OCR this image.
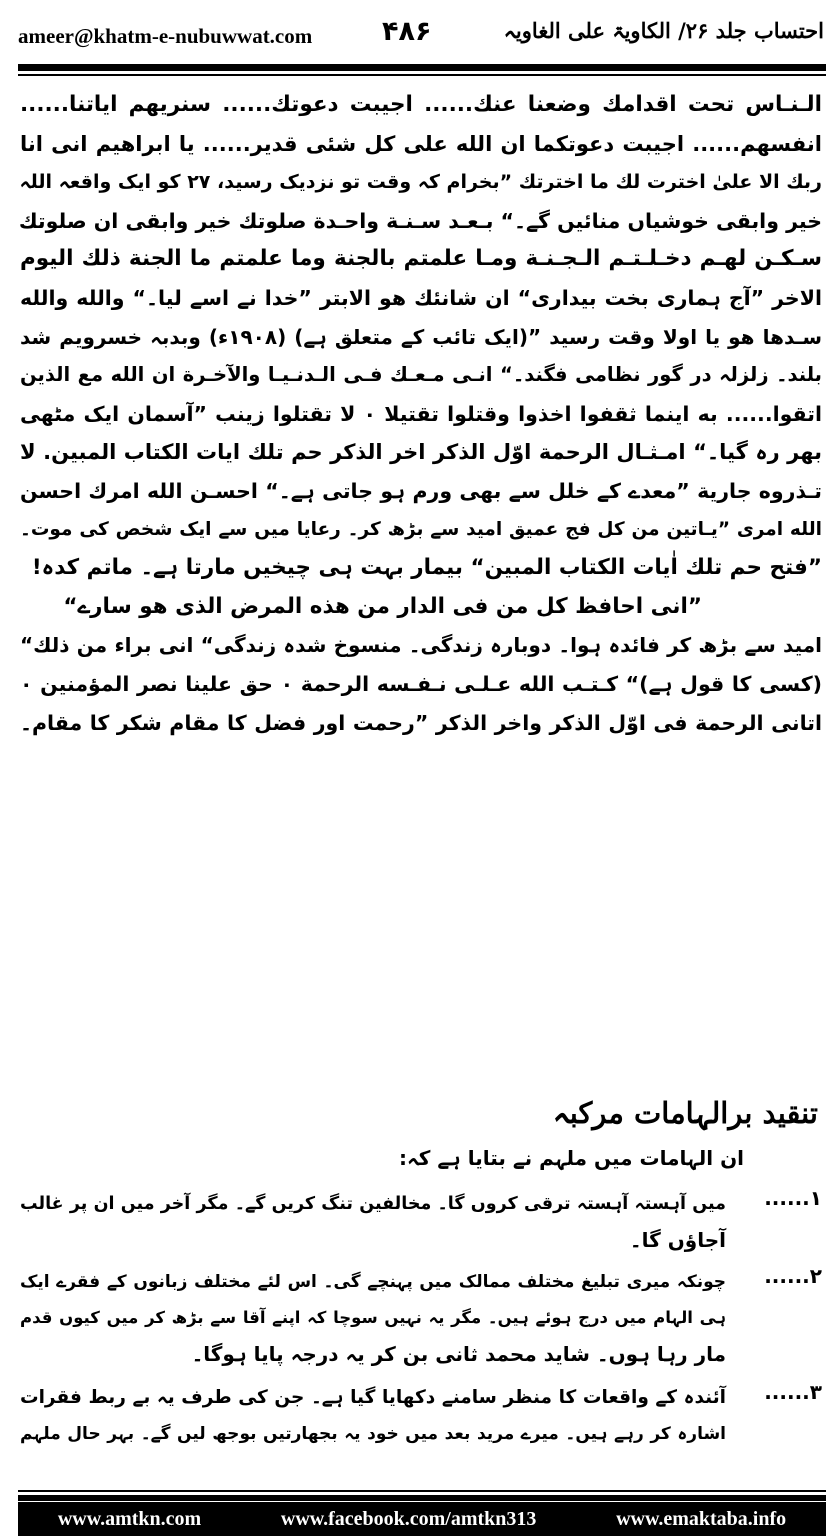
ameer@khatm-e-nubuwwat.com	۴۸۶	احتساب جلد ۲۶/ الکاویۃ علی الغاویہ
الـنـاس تحت اقدامك وضعنا عنك...... اجيبت دعوتك...... سنريهم اياتنا......
انفسهم...... اجيبت دعوتكما ان الله على كل شئى قدير...... يا ابراهيم انى انا
ربك الا علىٰ اخترت لك ما اخترتك ”بخرام کہ وقت تو نزدیک رسید، ۲۷ کو ایک واقعہ اللہ
خیر وابقی خوشیاں منائیں گے۔“ بـعـد سـنـة واحـدة صلوتك خير وابقى ان صلوتك
سـكـن لهـم دخـلـتـم الـجـنـة ومـا علمتم بالجنة وما علمتم ما الجنة ذلك اليوم
الاخر ”آج ہماری بخت بیداری“ ان شانئك هو الابتر ”خدا نے اسے لیا۔“ والله والله
سـدها هو يا اولا وقت رسيد ”(ایک تائب کے متعلق ہے) (۱۹۰۸ء) وبدبہ خسرویم شد
بلند۔ زلزلہ در گور نظامی فگند۔“ انـى مـعـك فـى الـدنـيـا والآخـرة ان الله مع الذين
اتقوا...... به اينما ثقفوا اخذوا وقتلوا تقتيلا ۰ لا تقتلوا زينب ”آسمان ایک مٹھی
بھر رہ گیا۔“ امـثـال الرحمة اوّل الذكر اخر الذكر حم تلك ايات الكتاب المبين. لا
تـذروه جارية ”معدے کے خلل سے بھی ورم ہو جاتی ہے۔“ احسـن الله امرك احسن
الله امرى ”يـاتين من كل فج عميق امید سے بڑھ کر۔ رعایا میں سے ایک شخص کی موت۔
”فتح حم تلك اٰيات الكتاب المبين“ بیمار بہت ہی چیخیں مارتا ہے۔ ماتم کدہ!
”انی احافظ كل من فی الدار من هذه المرض الذی هو سارے“
امید سے بڑھ کر فائدہ ہوا۔ دوبارہ زندگی۔ منسوخ شدہ زندگی“ انی براء من ذلك“
(کسی کا قول ہے)“ كـتـب الله عـلـى نـفـسه الرحمة ۰ حق علينا نصر المؤمنين ۰
اتانی الرحمة فی اوّل الذكر واخر الذكر ”رحمت اور فضل کا مقام شکر کا مقام۔
تنقید برالہامات مرکبہ
ان الہامات میں ملہم نے بتایا ہے کہ:
۱......
میں آہستہ آہستہ ترقی کروں گا۔ مخالفین تنگ کریں گے۔ مگر آخر میں ان پر غالب
آجاؤں گا۔
۲......
چونکہ میری تبلیغ مختلف ممالک میں پہنچے گی۔ اس لئے مختلف زبانوں کے فقرے ایک
ہی الہام میں درج ہوئے ہیں۔ مگر یہ نہیں سوچا کہ اپنے آقا سے بڑھ کر میں کیوں قدم
مار رہا ہوں۔ شاید محمد ثانی بن کر یہ درجہ پایا ہوگا۔
۳......
آئندہ کے واقعات کا منظر سامنے دکھایا گیا ہے۔ جن کی طرف یہ بے ربط فقرات
اشارہ کر رہے ہیں۔ میرے مرید بعد میں خود یہ بجھارتیں بوجھ لیں گے۔ بہر حال ملہم
www.amtkn.com	www.facebook.com/amtkn313	www.emaktaba.info
